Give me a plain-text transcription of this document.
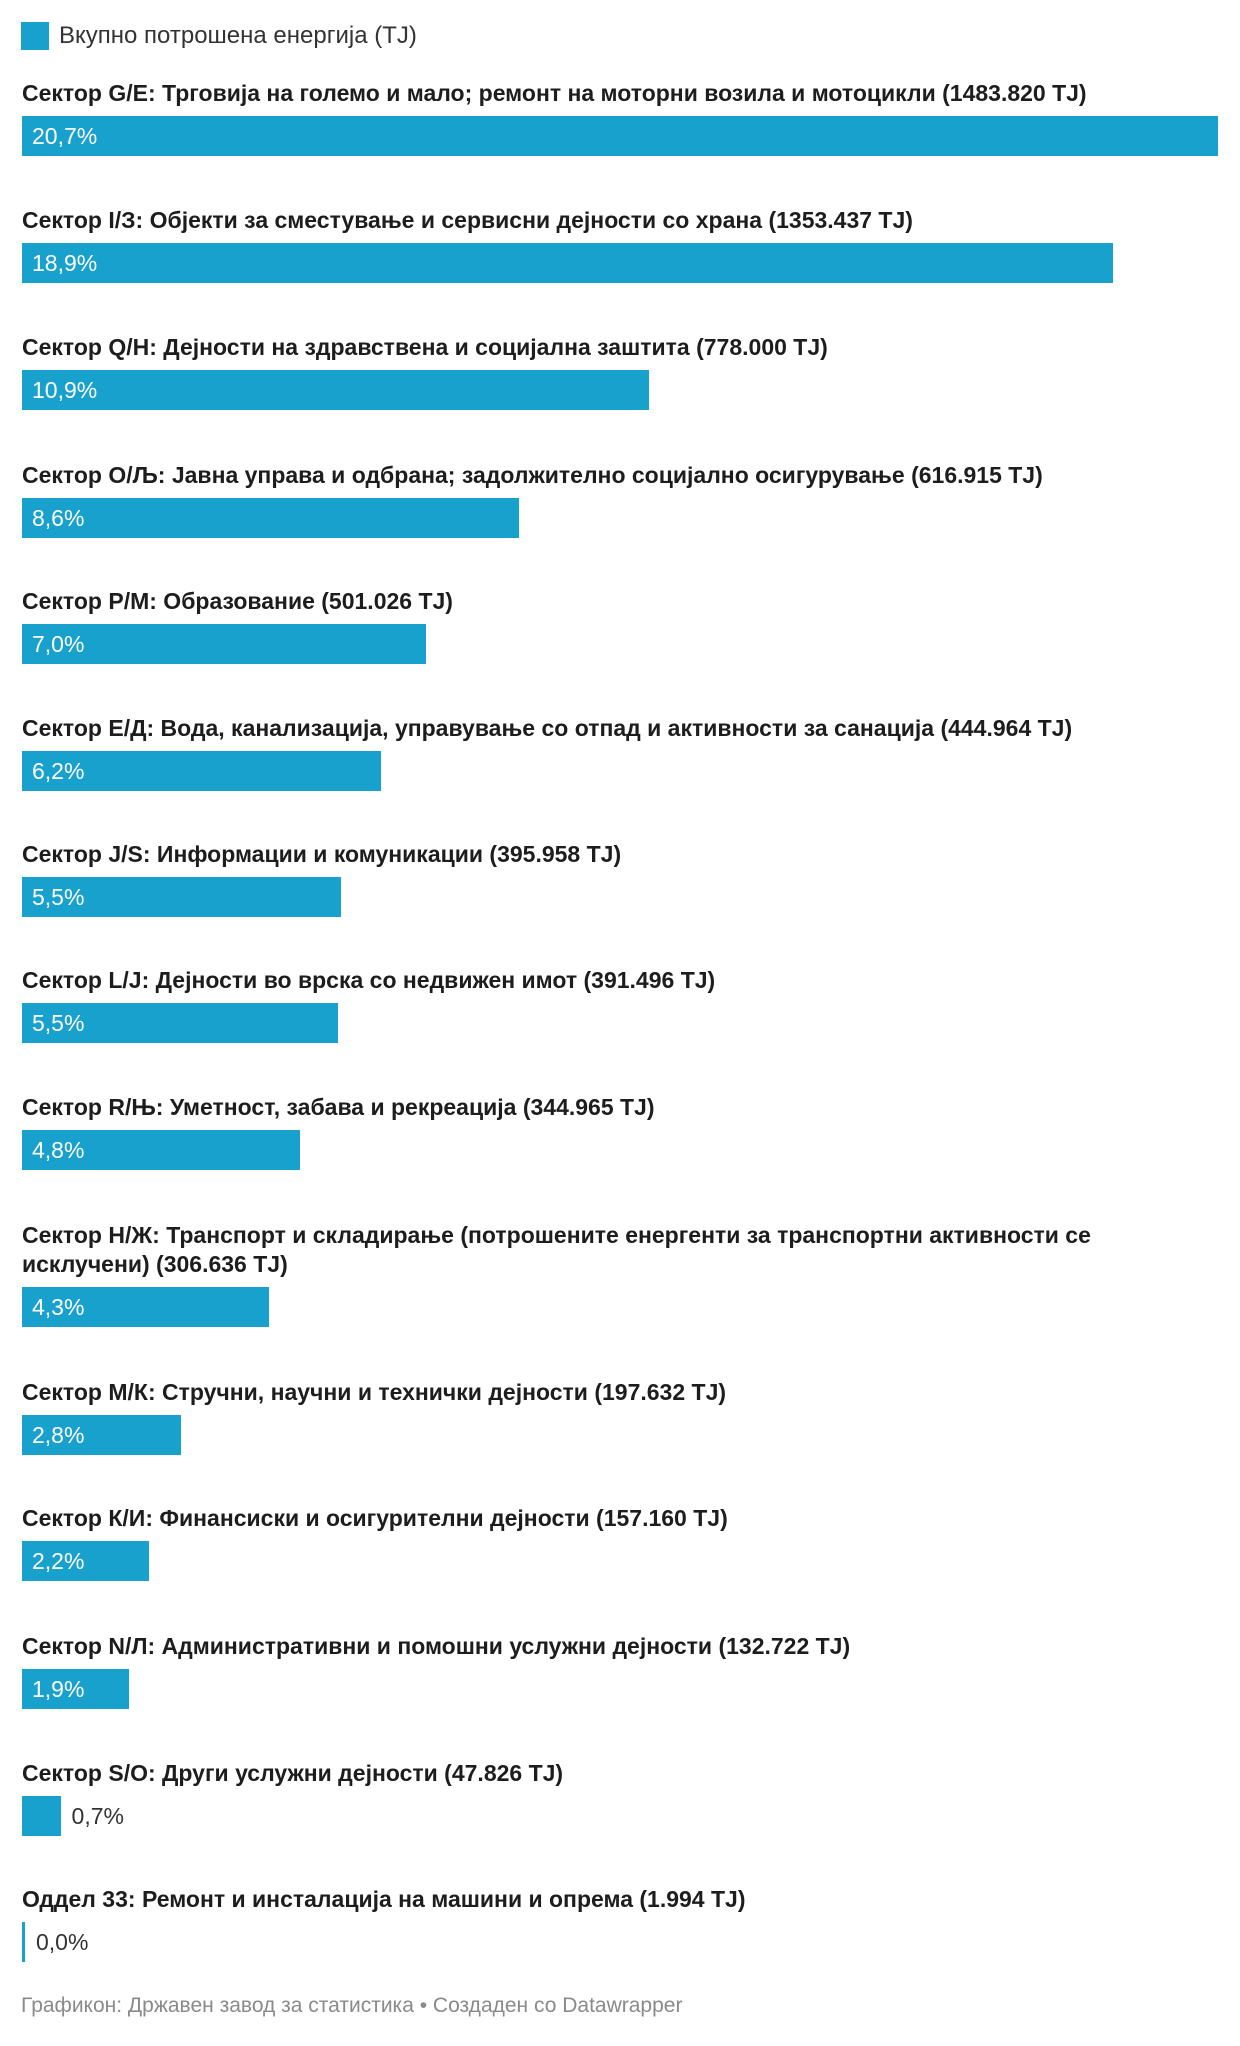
Вкупно потрошена енергија (TJ)
Сектор G/Е: Трговија на големо и мало; ремонт на моторни возила и мотоцикли (1483.820 TJ)
20,7%
Сектор I/З: Објекти за сместување и сервисни дејности со храна (1353.437 TJ)
18,9%
Сектор Q/Н: Дејности на здравствена и социјална заштита (778.000 TJ)
10,9%
Сектор O/Љ: Јавна управа и одбрана; задолжително социјално осигурување (616.915 TJ)
8,6%
Сектор P/М: Образование (501.026 TJ)
7,0%
Сектор Е/Д: Вода, канализација, управување со отпад и активности за санација (444.964 TJ)
6,2%
Сектор J/S: Информации и комуникации (395.958 TJ)
5,5%
Сектор L/Ј: Дејности во врска со недвижен имот (391.496 TJ)
5,5%
Сектор R/Њ: Уметност, забава и рекреација (344.965 TJ)
4,8%
Сектор H/Ж: Транспорт и складирање (потрошените енергенти за транспортни активности се исклучени) (306.636 TJ)
4,3%
Сектор М/К: Стручни, научни и технички дејности (197.632 TJ)
2,8%
Сектор К/И: Финансиски и осигурителни дејности (157.160 TJ)
2,2%
Сектор N/Л: Административни и помошни услужни дејности (132.722 TJ)
1,9%
Сектор S/О: Други услужни дејности (47.826 TJ)
0,7%
Оддел 33: Ремонт и инсталација на машини и опрема (1.994 TJ)
0,0%
Графикон: Државен завод за статистика • Создаден со Datawrapper
